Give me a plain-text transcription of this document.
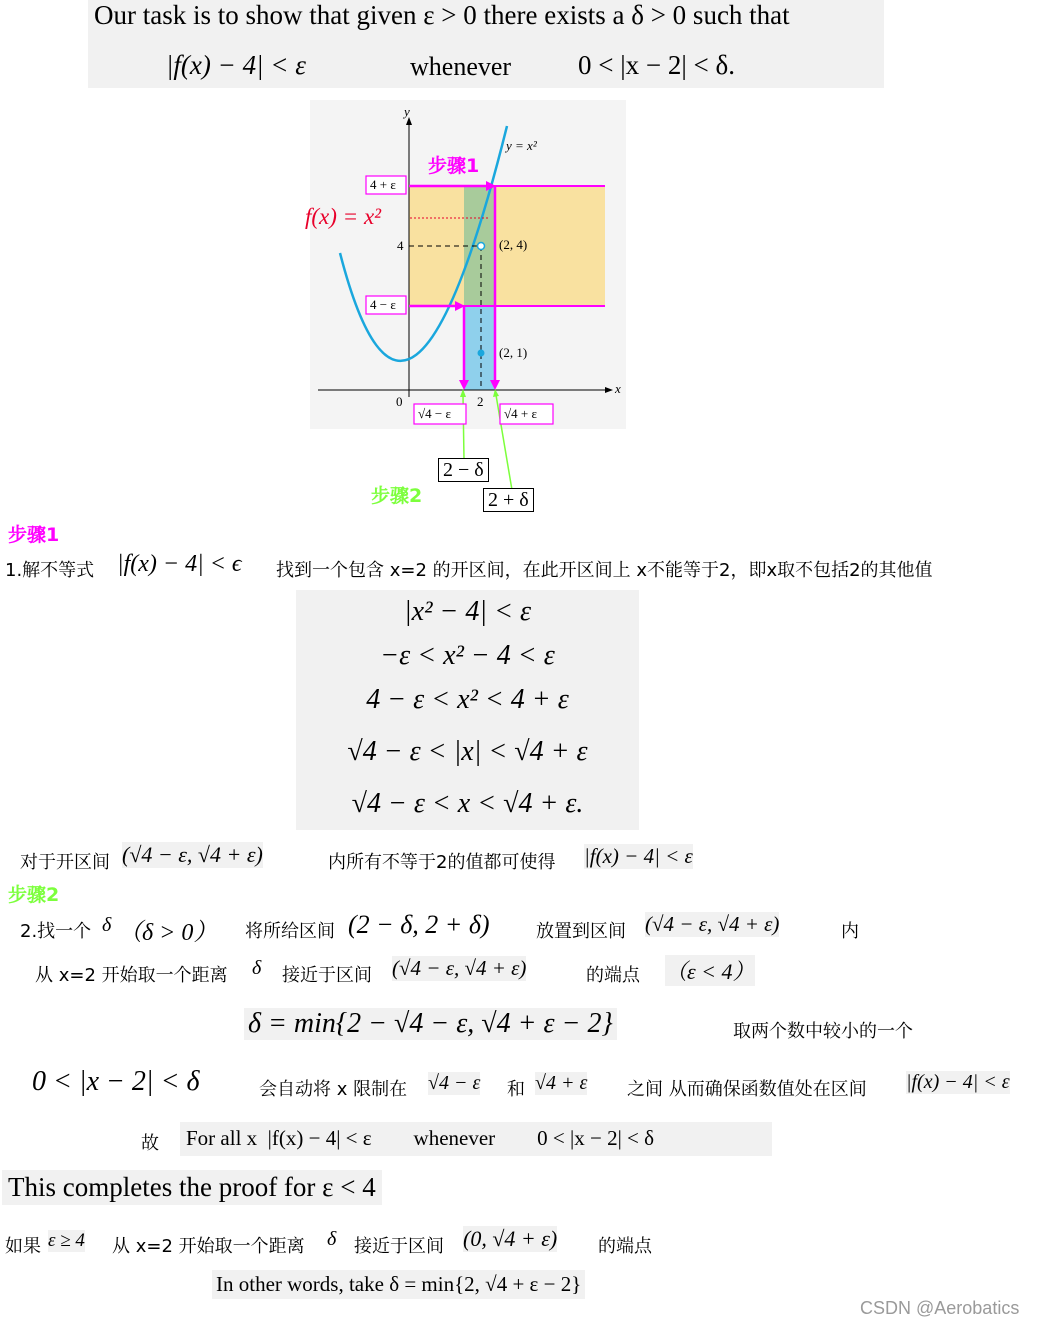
Our task is to show that given ε > 0 there exists a δ > 0 such that
|f(x) − 4| < ε	whenever 0 < |x − 2| < δ.
y
x
y = x²
f(x) = x²
步骤1
4 + ε
4
4 − ε
0	2
√4 − ε	√4 + ε
(2, 4)
(2, 1)
2 − δ
2 + δ
步骤2
步骤1
1.解不等式 |f(x) − 4| < ϵ 找到一个包含 x=2 的开区间，在此开区间上 x不能等于2，即x取不包括2的其他值
|x² − 4| < ε
−ε < x² − 4 < ε
4 − ε < x² < 4 + ε
√4 − ε < |x| < √4 + ε
√4 − ε < x < √4 + ε.
对于开区间 (√4 − ε, √4 + ε)	内所有不等于2的值都可使得 |f(x) − 4| < ε
步骤2
2.找一个 δ （δ > 0） 将所给区间 (2 − δ, 2 + δ)	放置到区间 (√4 − ε, √4 + ε)	内
从 x=2 开始取一个距离 δ 接近于区间 (√4 − ε, √4 + ε)	的端点 （ε < 4）
δ = min{2 − √4 − ε, √4 + ε − 2}	取两个数中较小的一个
0 < |x − 2| < δ	会自动将 x 限制在 √4 − ε 和 √4 + ε 之间 从而确保函数值处在区间 |f(x) − 4| < ε
故 For all x  |f(x) − 4| < ε        whenever        0 < |x − 2| < δ
This completes the proof for ε < 4
如果 ε ≥ 4 从 x=2 开始取一个距离 δ 接近于区间 (0, √4 + ε) 的端点
In other words, take δ = min{2, √4 + ε − 2}
CSDN @Aerobatics
